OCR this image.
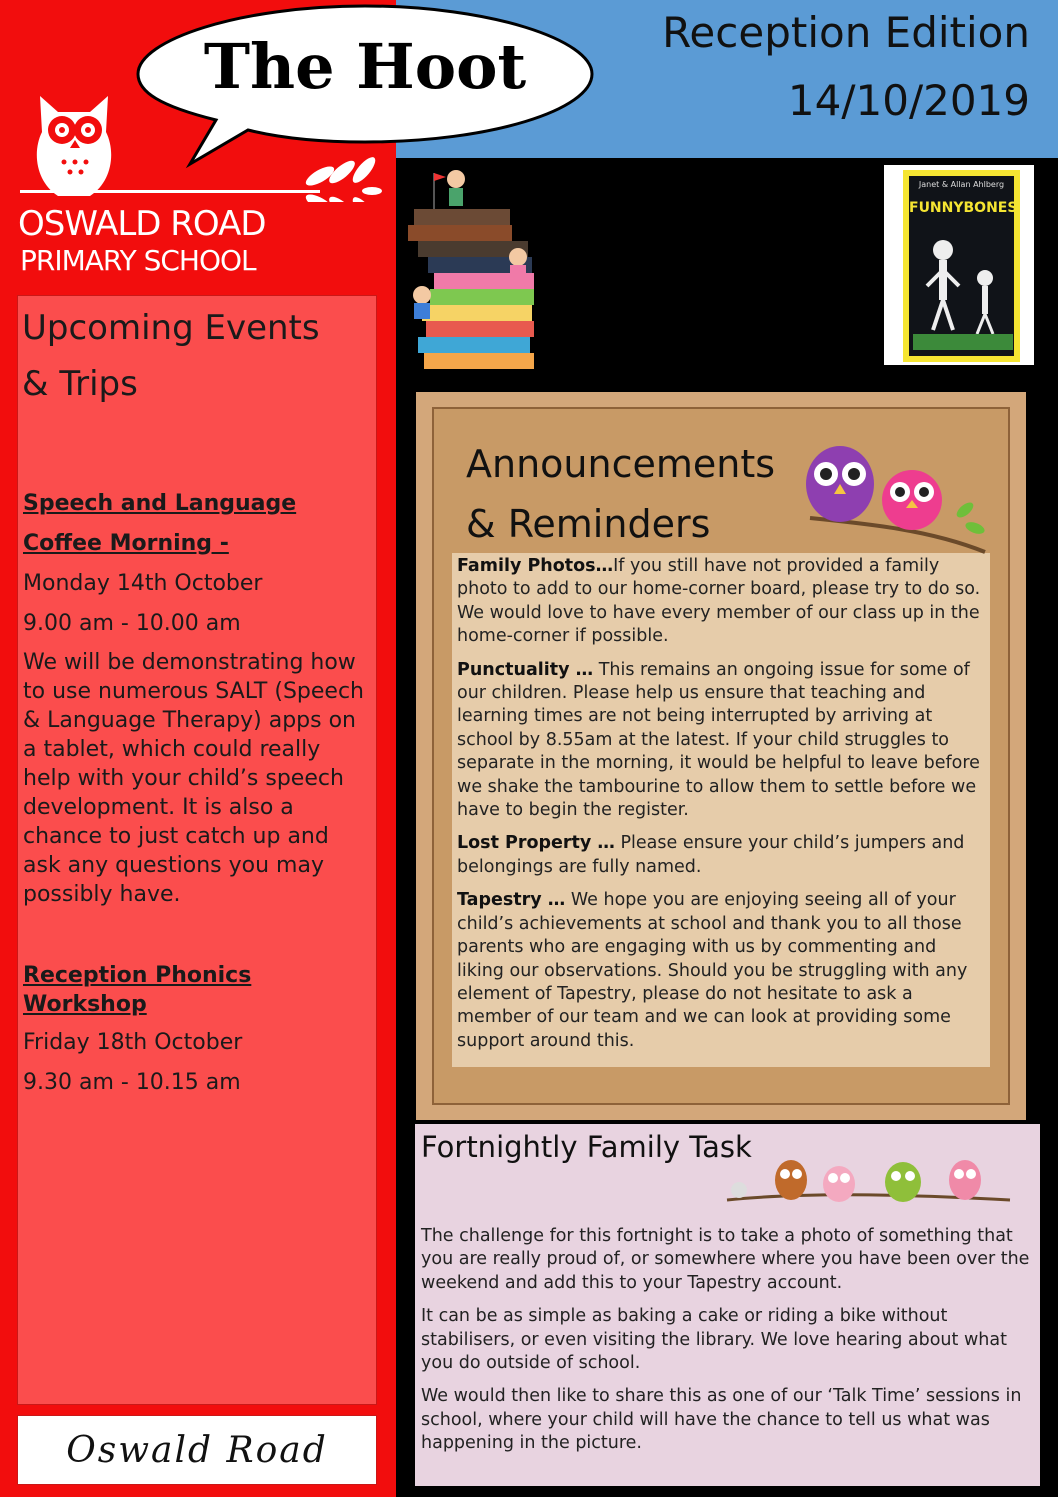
Reception Edition
14/10/2019
The Hoot
OSWALD ROAD
PRIMARY SCHOOL
Upcoming Events
& Trips

Speech and Language

Coffee Morning -

Monday 14th October

9.00 am - 10.00 am

We will be demonstrating how to use numerous SALT (Speech & Language Therapy) apps on a tablet, which could really help with your child’s speech development. It is also a chance to just catch up and ask any questions you may possibly have.

Reception Phonics

Workshop

Friday 18th October

9.30 am - 10.15 am

Oswald Road
Janet & Allan Ahlberg
FUNNYBONES
Announcements
& Reminders

Family Photos…If you still have not provided a family photo to add to our home-corner board, please try to do so. We would love to have every member of our class up in the home-corner if possible.

Punctuality … This remains an ongoing issue for some of our children. Please help us ensure that teaching and learning times are not being interrupted by arriving at school by 8.55am at the latest. If your child struggles to separate in the morning, it would be helpful to leave before we shake the tambourine to allow them to settle before we have to begin the register.

Lost Property … Please ensure your child’s jumpers and belongings are fully named.

Tapestry … We hope you are enjoying seeing all of your child’s achievements at school and thank you to all those parents who are engaging with us by commenting and liking our observations. Should you be struggling with any element of Tapestry, please do not hesitate to ask a member of our team and we can look at providing some support around this.

Fortnightly Family Task

The challenge for this fortnight is to take a photo of something that you are really proud of, or somewhere where you have been over the weekend and add this to your Tapestry account.

It can be as simple as baking a cake or riding a bike without stabilisers, or even visiting the library. We love hearing about what you do outside of school.

We would then like to share this as one of our ‘Talk Time’ sessions in school, where your child will have the chance to tell us what was happening in the picture.
